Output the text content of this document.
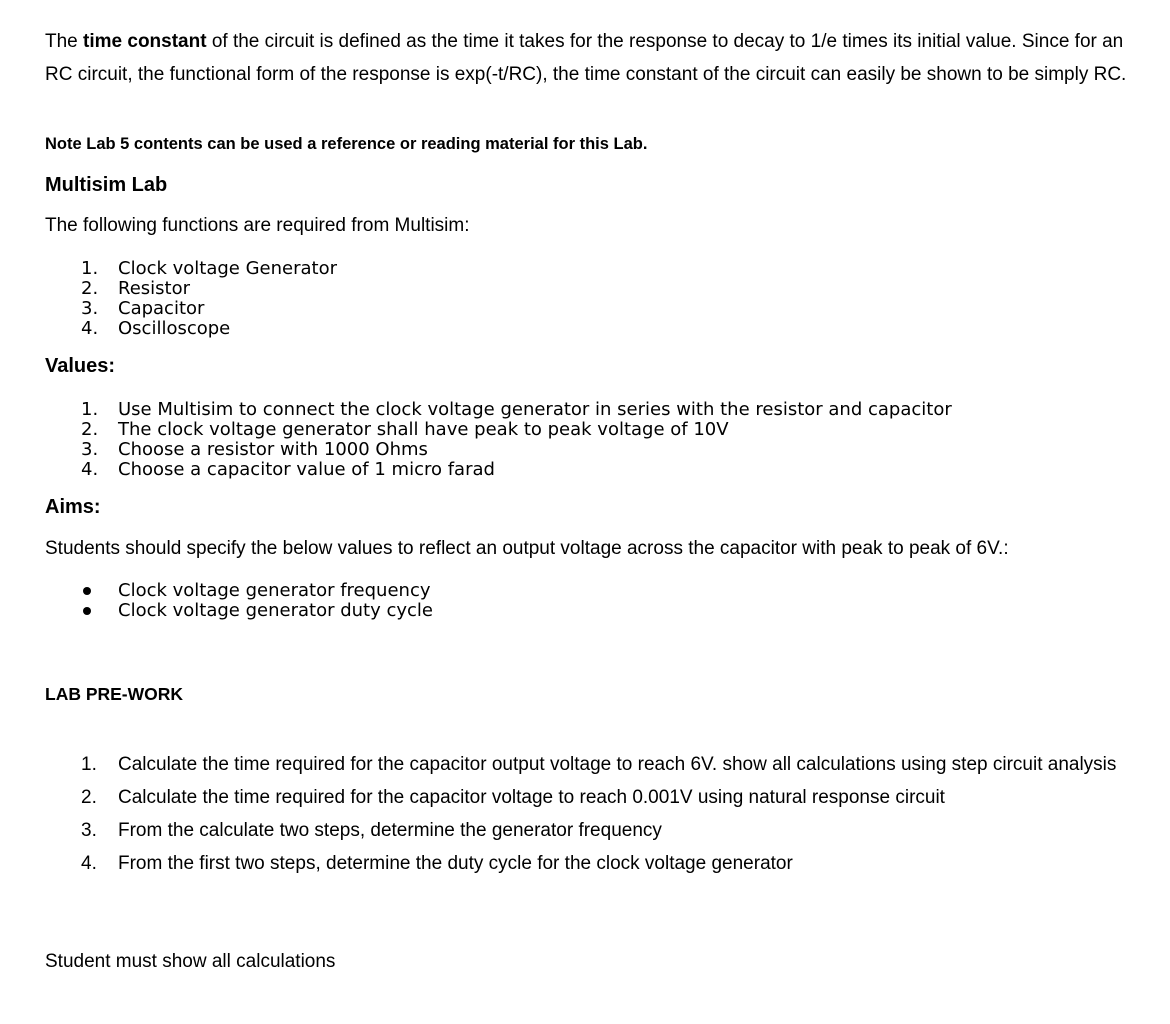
The time constant of the circuit is defined as the time it takes for the response to decay to 1/e times its initial value. Since for an RC circuit, the functional form of the response is exp(-t/RC), the time constant of the circuit can easily be shown to be simply RC.

Note Lab 5 contents can be used a reference or reading material for this Lab.
Multisim Lab
The following functions are required from Multisim:
1. Clock voltage Generator
2. Resistor
3. Capacitor
4. Oscilloscope
Values:
1. Use Multisim to connect the clock voltage generator in series with the resistor and capacitor
2. The clock voltage generator shall have peak to peak voltage of 10V
3. Choose a resistor with 1000 Ohms
4. Choose a capacitor value of 1 micro farad
Aims:
Students should specify the below values to reflect an output voltage across the capacitor with peak to peak of 6V.:
Clock voltage generator frequency
Clock voltage generator duty cycle
LAB PRE-WORK
1. Calculate the time required for the capacitor output voltage to reach 6V. show all calculations using step circuit analysis
2. Calculate the time required for the capacitor voltage to reach 0.001V using natural response circuit
3. From the calculate two steps, determine the generator frequency
4. From the first two steps, determine the duty cycle for the clock voltage generator
Student must show all calculations
